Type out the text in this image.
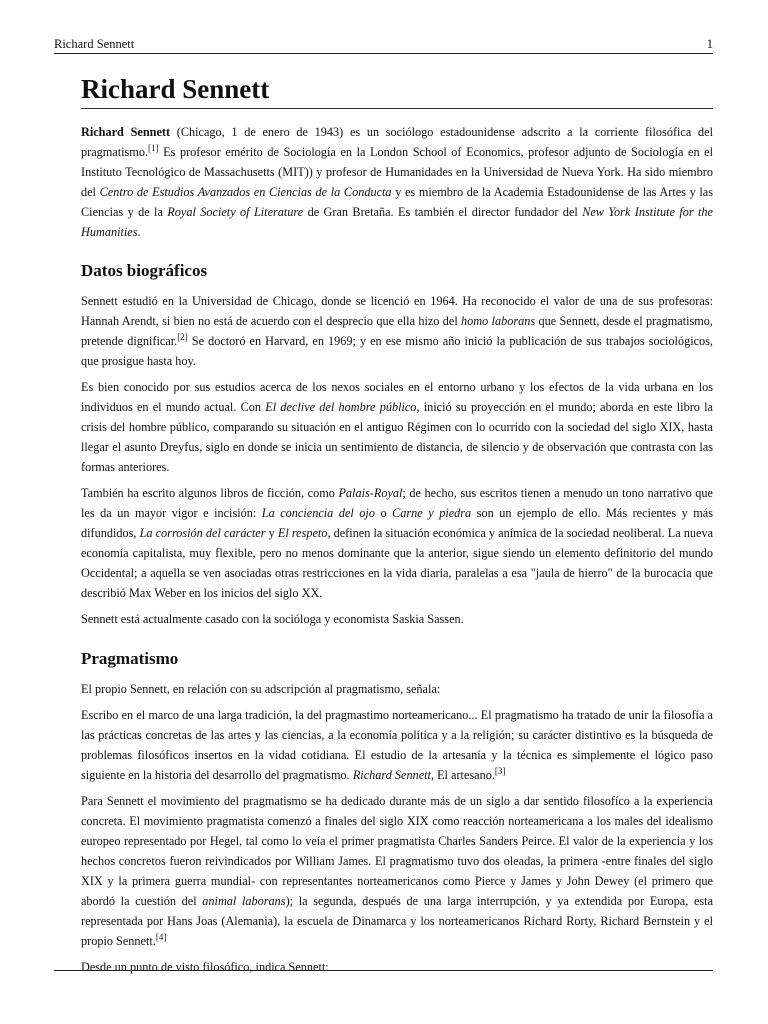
Richard Sennett	1
Richard Sennett

Richard Sennett (Chicago, 1 de enero de 1943) es un sociólogo estadounidense adscrito a la corriente filosófica del pragmatismo.[1] Es profesor emérito de Sociología en la London School of Economics, profesor adjunto de Sociología en el Instituto Tecnológico de Massachusetts (MIT)) y profesor de Humanidades en la Universidad de Nueva York. Ha sido miembro del Centro de Estudios Avanzados en Ciencias de la Conducta y es miembro de la Academia Estadounidense de las Artes y las Ciencias y de la Royal Society of Literature de Gran Bretaña. Es también el director fundador del New York Institute for the Humanities.

Datos biográficos

Sennett estudió en la Universidad de Chicago, donde se licenció en 1964. Ha reconocido el valor de una de sus profesoras: Hannah Arendt, si bien no está de acuerdo con el desprecio que ella hizo del homo laborans que Sennett, desde el pragmatismo, pretende dignificar.[2] Se doctoró en Harvard, en 1969; y en ese mismo año inició la publicación de sus trabajos sociológicos, que prosigue hasta hoy.

Es bien conocido por sus estudios acerca de los nexos sociales en el entorno urbano y los efectos de la vida urbana en los individuos en el mundo actual. Con El declive del hombre público, inició su proyección en el mundo; aborda en este libro la crisis del hombre público, comparando su situación en el antiguo Régimen con lo ocurrido con la sociedad del siglo XIX, hasta llegar el asunto Dreyfus, siglo en donde se inicia un sentimiento de distancia, de silencio y de observación que contrasta con las formas anteriores.

También ha escrito algunos libros de ficción, como Palais-Royal; de hecho, sus escritos tienen a menudo un tono narrativo que les da un mayor vigor e incisión: La conciencia del ojo o Carne y piedra son un ejemplo de ello. Más recientes y más difundidos, La corrosión del carácter y El respeto, definen la situación económica y anímica de la sociedad neoliberal. La nueva economía capitalista, muy flexible, pero no menos dominante que la anterior, sigue siendo un elemento definitorio del mundo Occidental; a aquella se ven asociadas otras restricciones en la vida diaria, paralelas a esa "jaula de hierro" de la burocacia que describió Max Weber en los inicios del siglo XX.

Sennett está actualmente casado con la socióloga y economista Saskia Sassen.

Pragmatismo

El propio Sennett, en relación con su adscripción al pragmatismo, señala:

Escribo en el marco de una larga tradición, la del pragmastimo norteamericano... El pragmatismo ha tratado de unir la filosofía a las prácticas concretas de las artes y las ciencias, a la economía política y a la religión; su carácter distintivo es la búsqueda de problemas filosóficos insertos en la vidad cotidiana. El estudio de la artesanía y la técnica es simplemente el lógico paso siguiente en la historia del desarrollo del pragmatismo. Richard Sennett, El artesano.[3]

Para Sennett el movimiento del pragmatismo se ha dedicado durante más de un siglo a dar sentido filosofíco a la experiencia concreta. El movimiento pragmatista comenzó a finales del siglo XIX como reacción norteamericana a los males del idealismo europeo representado por Hegel, tal como lo veía el primer pragmatista Charles Sanders Peirce. El valor de la experiencia y los hechos concretos fueron reivindicados por William James. El pragmatismo tuvo dos oleadas, la primera -entre finales del siglo XIX y la primera guerra mundial- con representantes norteamericanos como Pierce y James y John Dewey (el primero que abordó la cuestión del animal laborans); la segunda, después de una larga interrupción, y ya extendida por Europa, esta representada por Hans Joas (Alemania), la escuela de Dinamarca y los norteamericanos Richard Rorty, Richard Bernstein y el propio Sennett.[4]

Desde un punto de visto filosófico, indica Sennett:
